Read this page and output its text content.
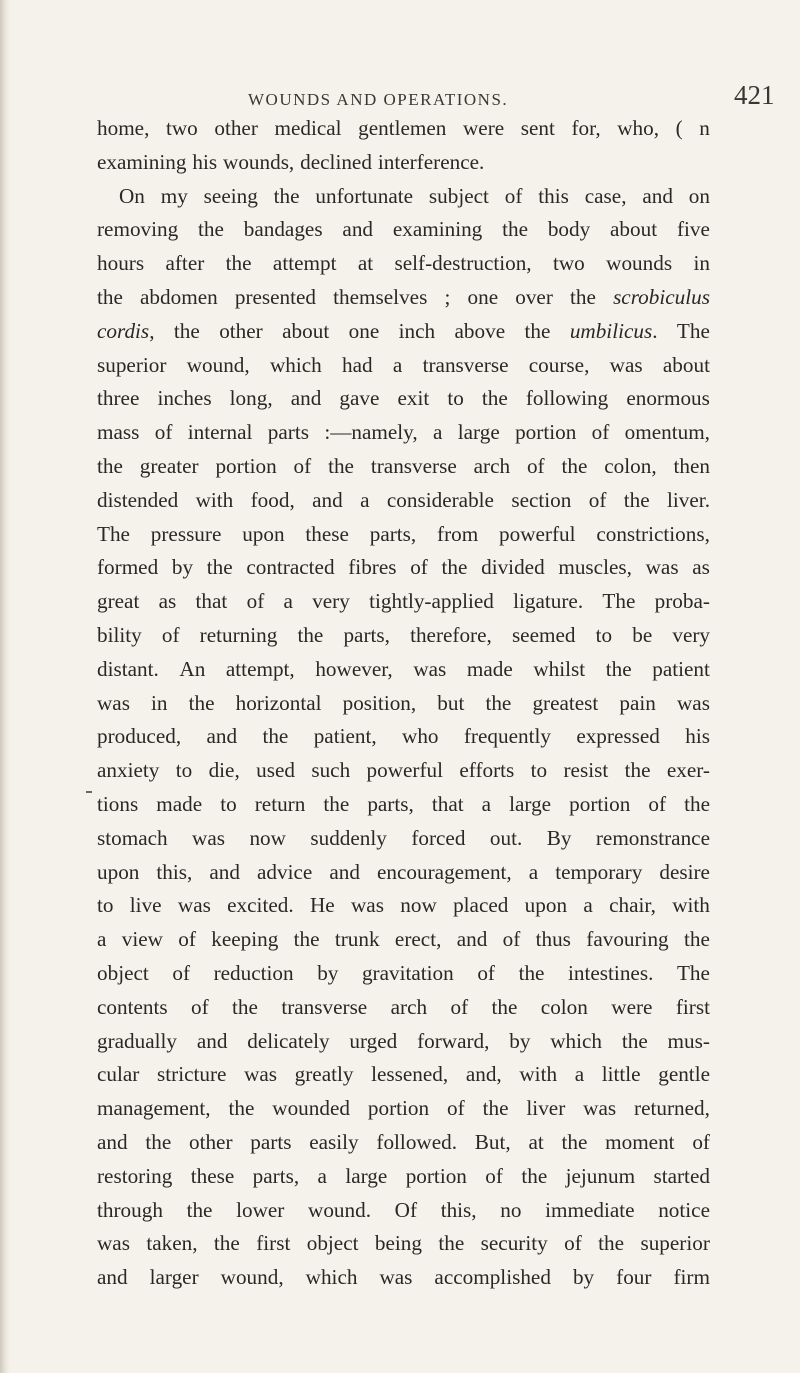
WOUNDS AND OPERATIONS.	421
home, two other medical gentlemen were sent for, who, ( n
examining his wounds, declined interference.
On my seeing the unfortunate subject of this case, and on
removing the bandages and examining the body about five
hours after the attempt at self-destruction, two wounds in
the abdomen presented themselves ; one over the scrobiculus
cordis, the other about one inch above the umbilicus. The
superior wound, which had a transverse course, was about
three inches long, and gave exit to the following enormous
mass of internal parts :—namely, a large portion of omentum,
the greater portion of the transverse arch of the colon, then
distended with food, and a considerable section of the liver.
The pressure upon these parts, from powerful constrictions,
formed by the contracted fibres of the divided muscles, was as
great as that of a very tightly-applied ligature. The proba-
bility of returning the parts, therefore, seemed to be very
distant. An attempt, however, was made whilst the patient
was in the horizontal position, but the greatest pain was
produced, and the patient, who frequently expressed his
anxiety to die, used such powerful efforts to resist the exer-
tions made to return the parts, that a large portion of the
stomach was now suddenly forced out. By remonstrance
upon this, and advice and encouragement, a temporary desire
to live was excited. He was now placed upon a chair, with
a view of keeping the trunk erect, and of thus favouring the
object of reduction by gravitation of the intestines. The
contents of the transverse arch of the colon were first
gradually and delicately urged forward, by which the mus-
cular stricture was greatly lessened, and, with a little gentle
management, the wounded portion of the liver was returned,
and the other parts easily followed. But, at the moment of
restoring these parts, a large portion of the jejunum started
through the lower wound. Of this, no immediate notice
was taken, the first object being the security of the superior
and larger wound, which was accomplished by four firm
